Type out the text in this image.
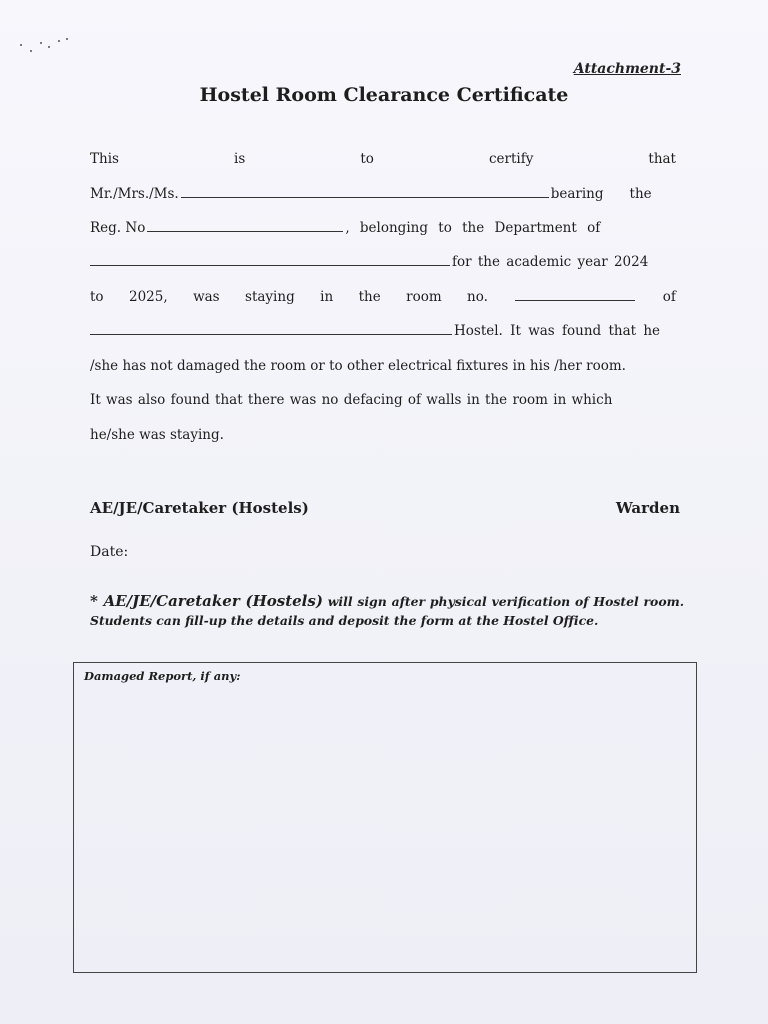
Attachment-3
Hostel Room Clearance Certificate
This	is	to	certify	that
Mr./Mrs./Ms.	bearing the
Reg. No	, belonging to the Department of
for the academic year 2024
to 2025, was staying in the room no.	of
Hostel. It was found that he
/she has not damaged the room or to other electrical fixtures in his /her room.
It was also found that there was no defacing of walls in the room in which
he/she was staying.
AE/JE/Caretaker (Hostels)	Warden
Date:
* AE/JE/Caretaker (Hostels) will sign after physical verification of Hostel room. Students can fill-up the details and deposit the form at the Hostel Office.
Damaged Report, if any:
